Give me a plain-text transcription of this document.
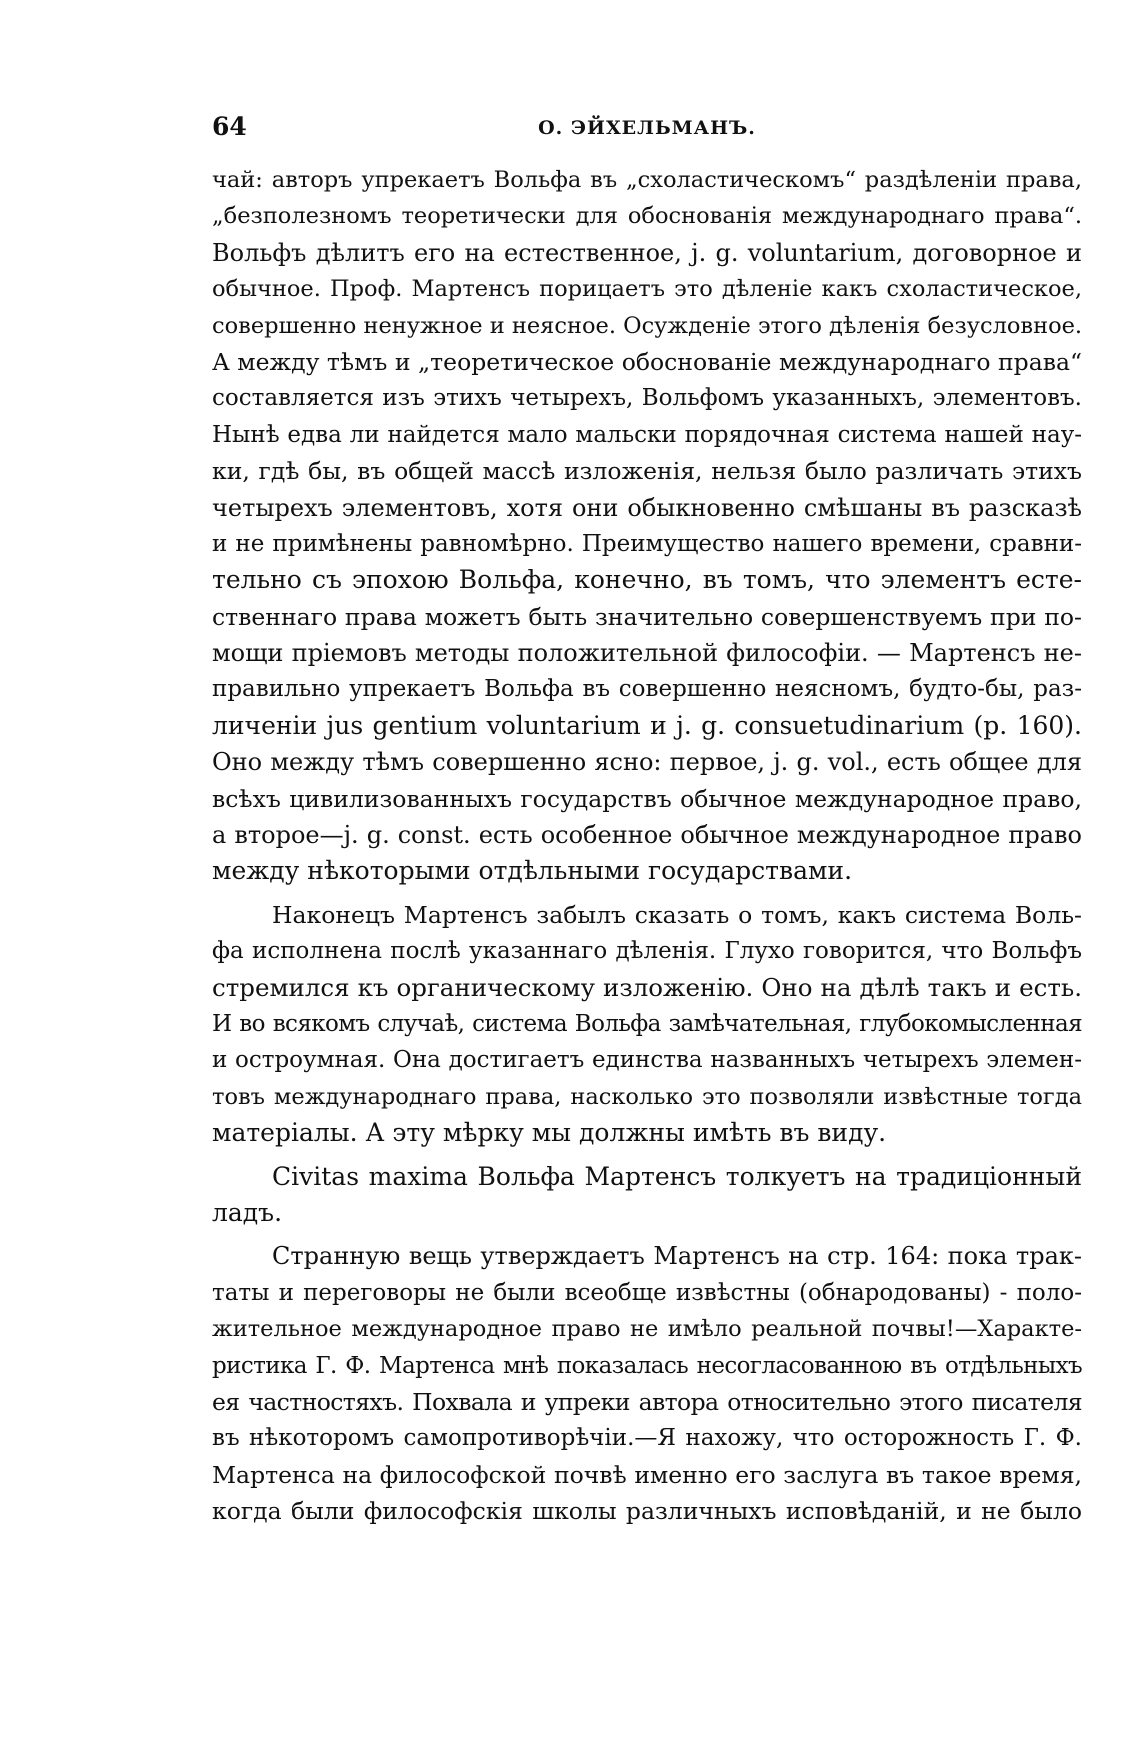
64	О. ЭЙХЕЛЬМАНЪ.
чай: авторъ упрекаетъ Вольфа въ „схоластическомъ“ раздѣленіи права,
„безполезномъ теоретически для обоснованія международнаго права“.
Вольфъ дѣлитъ его на естественное, j. g. voluntarium, договорное и
обычное. Проф. Мартенсъ порицаетъ это дѣленіе какъ схоластическое,
совершенно ненужное и неясное. Осужденіе этого дѣленія безусловное.
А между тѣмъ и „теоретическое обоснованіе международнаго права“
составляется изъ этихъ четырехъ, Вольфомъ указанныхъ, элементовъ.
Нынѣ едва ли найдется мало мальски порядочная система нашей нау-
ки, гдѣ бы, въ общей массѣ изложенія, нельзя было различать этихъ
четырехъ элементовъ, хотя они обыкновенно смѣшаны въ разсказѣ
и не примѣнены равномѣрно. Преимущество нашего времени, сравни-
тельно съ эпохою Вольфа, конечно, въ томъ, что элементъ есте-
ственнаго права можетъ быть значительно совершенствуемъ при по-
мощи пріемовъ методы положительной философіи. — Мартенсъ не-
правильно упрекаетъ Вольфа въ совершенно неясномъ, будто-бы, раз-
личеніи jus gentium voluntarium и j. g. consuetudinarium (р. 160).
Оно между тѣмъ совершенно ясно: первое, j. g. vol., есть общее для
всѣхъ цивилизованныхъ государствъ обычное международное право,
а второе—j. g. const. есть особенное обычное международное право
между нѣкоторыми отдѣльными государствами.
Наконецъ Мартенсъ забылъ сказать о томъ, какъ система Воль-
фа исполнена послѣ указаннаго дѣленія. Глухо говорится, что Вольфъ
стремился къ органическому изложенію. Оно на дѣлѣ такъ и есть.
И во всякомъ случаѣ, система Вольфа замѣчательная, глубокомысленная
и остроумная. Она достигаетъ единства названныхъ четырехъ элемен-
товъ международнаго права, насколько это позволяли извѣстные тогда
матеріалы. А эту мѣрку мы должны имѣть въ виду.
Civitas maxima Вольфа Мартенсъ толкуетъ на традиціонный
ладъ.
Странную вещь утверждаетъ Мартенсъ на стр. 164: пока трак-
таты и переговоры не были всеобще извѣстны (обнародованы) - поло-
жительное международное право не имѣло реальной почвы!—Характе-
ристика Г. Ф. Мартенса мнѣ показалась несогласованною въ отдѣльныхъ
ея частностяхъ. Похвала и упреки автора относительно этого писателя
въ нѣкоторомъ самопротиворѣчіи.—Я нахожу, что осторожность Г. Ф.
Мартенса на философской почвѣ именно его заслуга въ такое время,
когда были философскія школы различныхъ исповѣданій, и не было
